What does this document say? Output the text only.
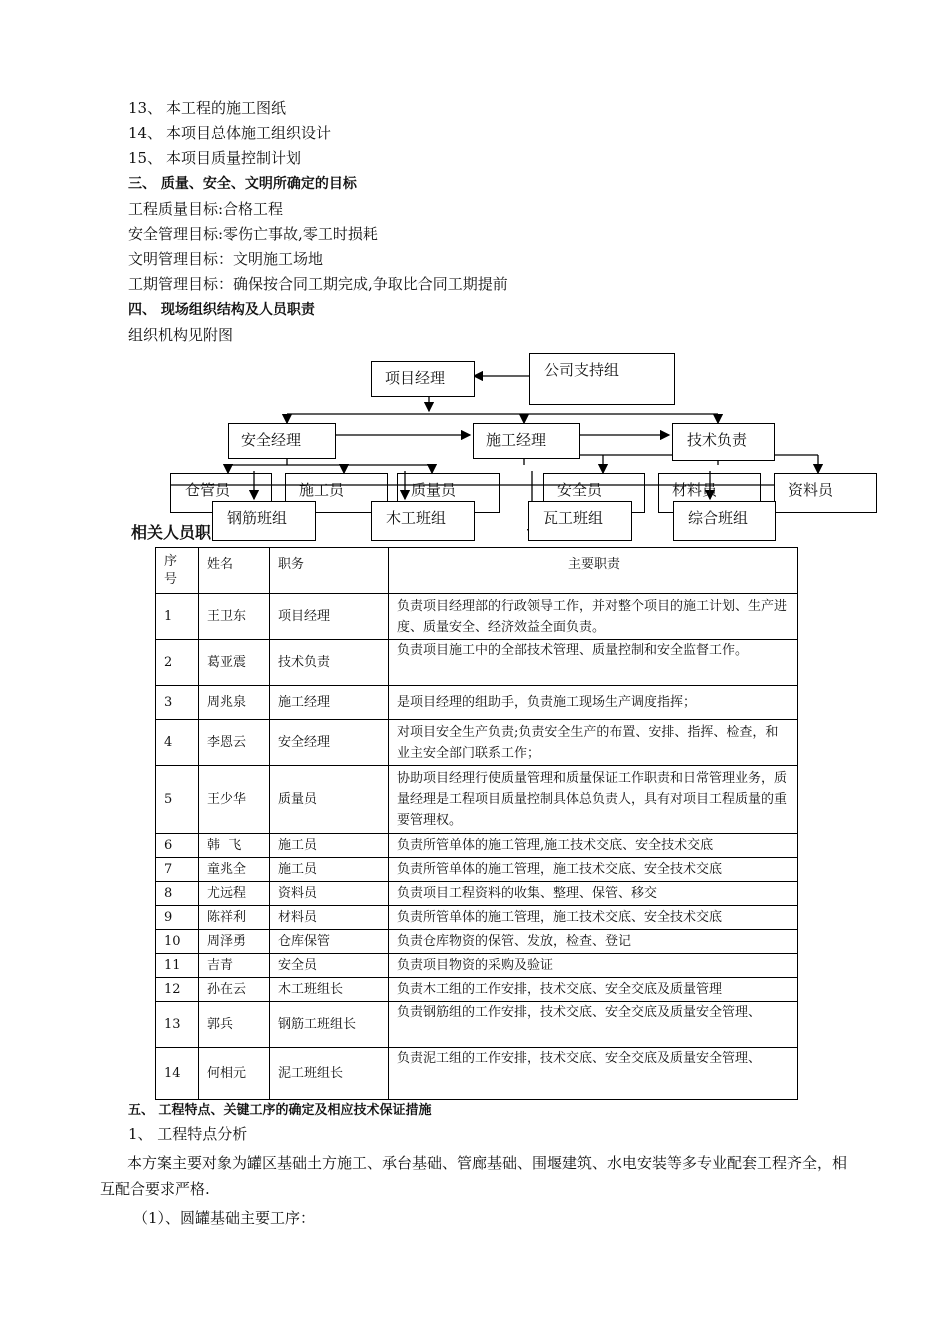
13、 本工程的施工图纸
14、 本项目总体施工组织设计
15、 本项目质量控制计划
三、 质量、安全、文明所确定的目标
工程质量目标:合格工程
安全管理目标:零伤亡事故,零工时损耗
文明管理目标：文明施工场地
工期管理目标：确保按合同工期完成,争取比合同工期提前
四、 现场组织结构及人员职责
组织机构见附图
项目经理	公司支持组
安全经理	施工经理	技术负责
仓管员	施工员	质量员	安全员	材料员	资料员
钢筋班组	木工班组	瓦工班组	综合班组
相关人员职
序
号	姓名	职务	主要职责
1	王卫东	项目经理	负责项目经理部的行政领导工作，并对整个项目的施工计划、生产进度、质量安全、经济效益全面负责。
2	葛亚震	技术负责	负责项目施工中的全部技术管理、质量控制和安全监督工作。
3	周兆泉	施工经理	是项目经理的组助手，负责施工现场生产调度指挥；
4	李恩云	安全经理	对项目安全生产负责;负责安全生产的布置、安排、指挥、检查，和业主安全部门联系工作；
5	王少华	质量员	协助项目经理行使质量管理和质量保证工作职责和日常管理业务，质量经理是工程项目质量控制具体总负责人，具有对项目工程质量的重要管理权。
6	韩  飞	施工员	负责所管单体的施工管理,施工技术交底、安全技术交底
7	童兆全	施工员	负责所管单体的施工管理，施工技术交底、安全技术交底
8	尤远程	资料员	负责项目工程资料的收集、整理、保管、移交
9	陈祥利	材料员	负责所管单体的施工管理，施工技术交底、安全技术交底
10	周泽勇	仓库保管	负责仓库物资的保管、发放，检查、登记
11	吉青	安全员	负责项目物资的采购及验证
12	孙在云	木工班组长	负责木工组的工作安排，技术交底、安全交底及质量管理
13	郭兵	钢筋工班组长	负责钢筋组的工作安排，技术交底、安全交底及质量安全管理、
14	何相元	泥工班组长	负责泥工组的工作安排，技术交底、安全交底及质量安全管理、
五、 工程特点、关键工序的确定及相应技术保证措施
1、 工程特点分析
本方案主要对象为罐区基础土方施工、承台基础、管廊基础、围堰建筑、水电安装等多专业配套工程齐全，相互配合要求严格.
（1）、圆罐基础主要工序：
